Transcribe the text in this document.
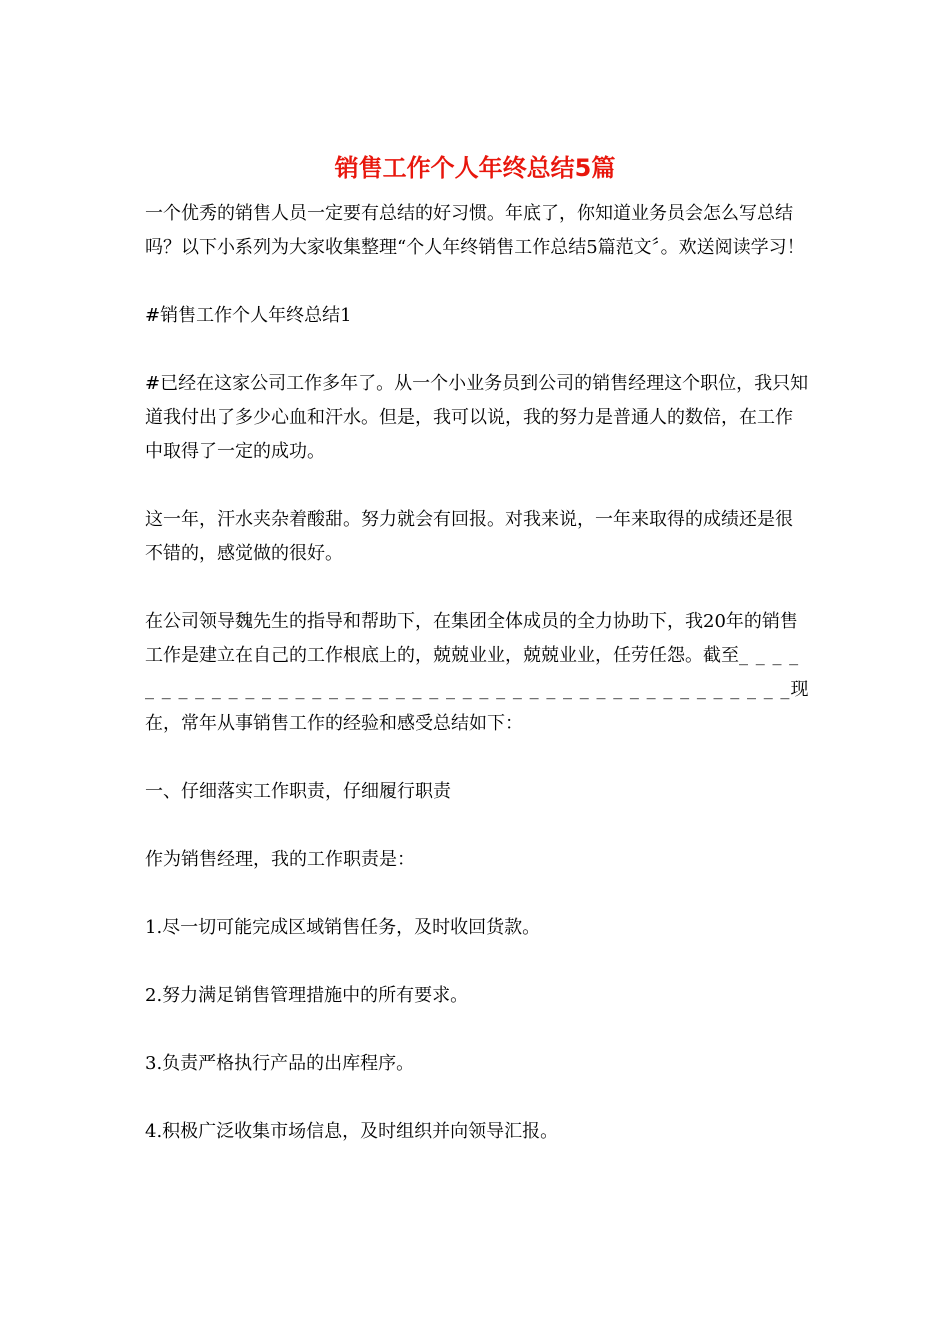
销售工作个人年终总结5篇

一个优秀的销售人员一定要有总结的好习惯。年底了，你知道业务员会怎么写总结吗？以下小系列为大家收集整理“个人年终销售工作总结5篇范文〞。欢送阅读学习！

#销售工作个人年终总结1

#已经在这家公司工作多年了。从一个小业务员到公司的销售经理这个职位，我只知道我付出了多少心血和汗水。但是，我可以说，我的努力是普通人的数倍，在工作中取得了一定的成功。

这一年，汗水夹杂着酸甜。努力就会有回报。对我来说，一年来取得的成绩还是很不错的，感觉做的很好。

在公司领导魏先生的指导和帮助下，在集团全体成员的全力协助下，我20年的销售工作是建立在自己的工作根底上的，兢兢业业，兢兢业业，任劳任怨。截至_ _ _ _ _ _ _ _ _ _ _ _ _ _ _ _ _ _ _ _ _ _ _ _ _ _ _ _ _ _ _ _ _ _ _ _ _ _ _ _ _ _ _现在，常年从事销售工作的经验和感受总结如下：

一、仔细落实工作职责，仔细履行职责

作为销售经理，我的工作职责是：

1.尽一切可能完成区域销售任务，及时收回货款。

2.努力满足销售管理措施中的所有要求。

3.负责严格执行产品的出库程序。

4.积极广泛收集市场信息，及时组织并向领导汇报。
